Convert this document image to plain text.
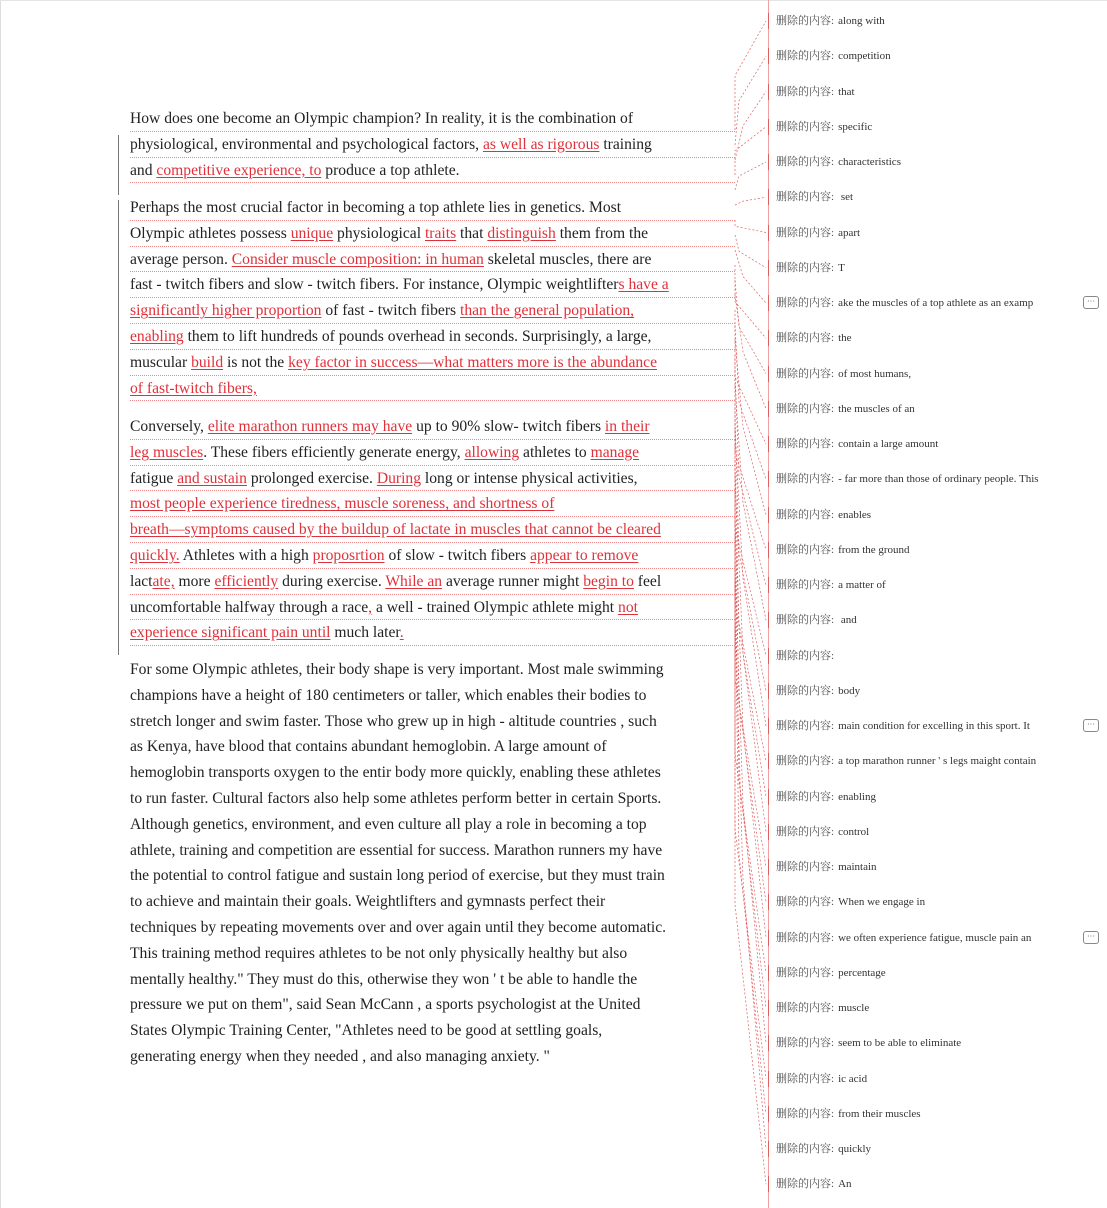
How does one become an Olympic champion? In reality, it is the combination of
physiological, environmental and psychological factors, as well as rigorous training
and competitive experience, to produce a top athlete.
Perhaps the most crucial factor in becoming a top athlete lies in genetics. Most
Olympic athletes possess unique physiological traits that distinguish them from the
average person. Consider muscle composition: in human skeletal muscles, there are
fast - twitch fibers and slow - twitch fibers. For instance, Olympic weightlifters have a
significantly higher proportion of fast - twitch fibers than the general population,
enabling them to lift hundreds of pounds overhead in seconds. Surprisingly, a large,
muscular build is not the key factor in success—what matters more is the abundance
of fast-twitch fibers,
Conversely, elite marathon runners may have up to 90% slow- twitch fibers in their
leg muscles. These fibers efficiently generate energy, allowing athletes to manage
fatigue and sustain prolonged exercise. During long or intense physical activities,
most people experience tiredness, muscle soreness, and shortness of
breath—symptoms caused by the buildup of lactate in muscles that cannot be cleared
quickly. Athletes with a high proposrtion of slow - twitch fibers appear to remove
lactate, more efficiently during exercise. While an average runner might begin to feel
uncomfortable halfway through a race, a well - trained Olympic athlete might not
experience significant pain until much later.
For some Olympic athletes, their body shape is very important. Most male swimming
champions have a height of 180 centimeters or taller, which enables their bodies to
stretch longer and swim faster. Those who grew up in high - altitude countries , such
as Kenya, have blood that contains abundant hemoglobin. A large amount of
hemoglobin transports oxygen to the entir body more quickly, enabling these athletes
to run faster. Cultural factors also help some athletes perform better in certain Sports.
Although genetics, environment, and even culture all play a role in becoming a top
athlete, training and competition are essential for success. Marathon runners my have
the potential to control fatigue and sustain long period of exercise, but they must train
to achieve and maintain their goals. Weightlifters and gymnasts perfect their
techniques by repeating movements over and over again until they become automatic.
This training method requires athletes to be not only physically healthy but also
mentally healthy." They must do this, otherwise they won ' t be able to handle the
pressure we put on them", said Sean McCann , a sports psychologist at the United
States Olympic Training Center, "Athletes need to be good at settling goals,
generating energy when they needed , and also managing anxiety. "
删除的内容: along with
删除的内容: competition
删除的内容: that
删除的内容: specific
删除的内容: characteristics
删除的内容: set
删除的内容: apart
删除的内容: T
删除的内容: ake the muscles of a top athlete as an examp	···
删除的内容: the
删除的内容: of most humans,
删除的内容: the muscles of an
删除的内容: contain a large amount
删除的内容: - far more than those of ordinary people. This
删除的内容: enables
删除的内容: from the ground
删除的内容: a matter of
删除的内容: and
删除的内容:
删除的内容: body
删除的内容: main condition for excelling in this sport. It	···
删除的内容: a top marathon runner ' s legs maight contain
删除的内容: enabling
删除的内容: control
删除的内容: maintain
删除的内容: When we engage in
删除的内容: we often experience fatigue, muscle pain an	···
删除的内容: percentage
删除的内容: muscle
删除的内容: seem to be able to eliminate
删除的内容: ic acid
删除的内容: from their muscles
删除的内容: quickly
删除的内容: An
